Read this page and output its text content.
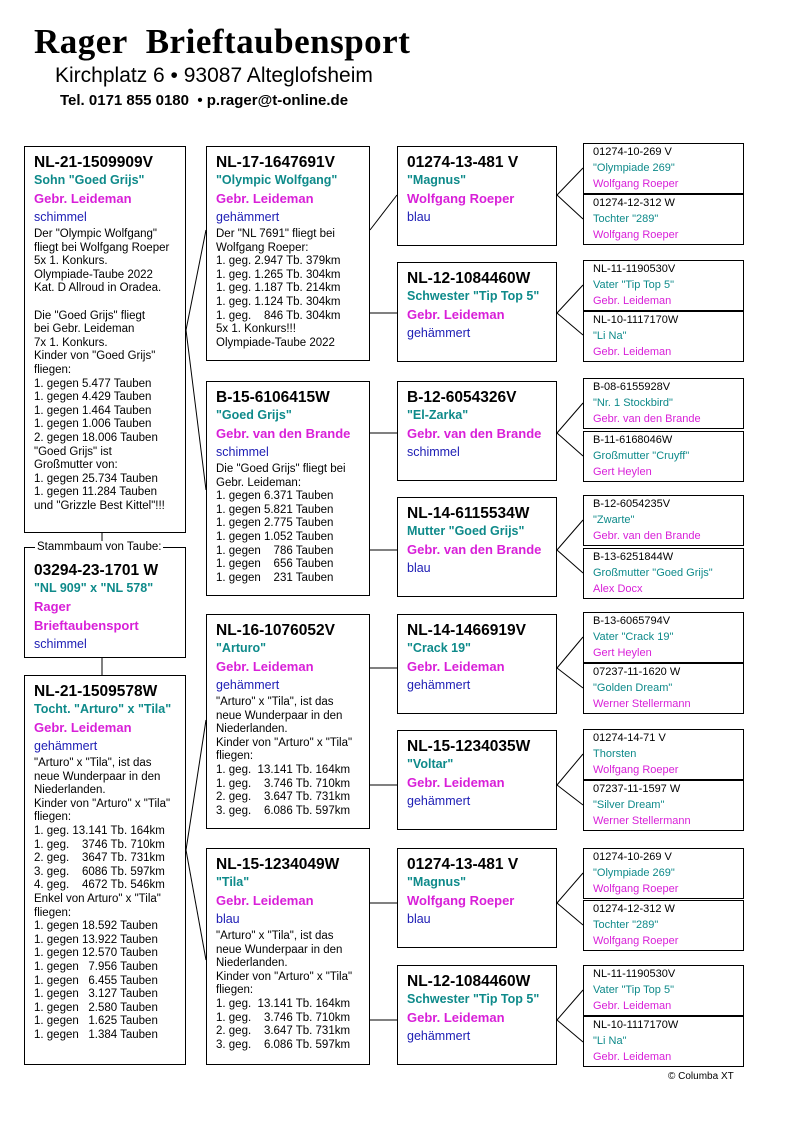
Rager  Brieftaubensport
Kirchplatz 6 • 93087 Alteglofsheim
Tel. 0171 855 0180  • p.rager@t-online.de
NL-21-1509909V
Sohn "Goed Grijs"
Gebr. Leideman
schimmel
Der "Olympic Wolfgang"
fliegt bei Wolfgang Roeper
5x 1. Konkurs.
Olympiade-Taube 2022
Kat. D Allroud in Oradea.

Die "Goed Grijs" fliegt
bei Gebr. Leideman
7x 1. Konkurs.
Kinder von "Goed Grijs"
fliegen:
1. gegen 5.477 Tauben
1. gegen 4.429 Tauben
1. gegen 1.464 Tauben
1. gegen 1.006 Tauben
2. gegen 18.006 Tauben
"Goed Grijs" ist
Großmutter von:
1. gegen 25.734 Tauben
1. gegen 11.284 Tauben
und "Grizzle Best Kittel"!!!
03294-23-1701 W
"NL 909" x "NL 578"
Rager Brieftaubensport
schimmel
Stammbaum von Taube:
NL-21-1509578W
Tocht. "Arturo" x "Tila"
Gebr. Leideman
gehämmert
"Arturo" x "Tila", ist das
neue Wunderpaar in den
Niederlanden.
Kinder von "Arturo" x "Tila"
fliegen:
1. geg. 13.141 Tb. 164km
1. geg.    3746 Tb. 710km
2. geg.    3647 Tb. 731km
3. geg.    6086 Tb. 597km
4. geg.    4672 Tb. 546km
Enkel von Arturo" x "Tila"
fliegen:
1. gegen 18.592 Tauben
1. gegen 13.922 Tauben
1. gegen 12.570 Tauben
1. gegen   7.956 Tauben
1. gegen   6.455 Tauben
1. gegen   3.127 Tauben
1. gegen   2.580 Tauben
1. gegen   1.625 Tauben
1. gegen   1.384 Tauben
NL-17-1647691V
"Olympic Wolfgang"
Gebr. Leideman
gehämmert
Der "NL 7691" fliegt bei
Wolfgang Roeper:
1. geg. 2.947 Tb. 379km
1. geg. 1.265 Tb. 304km
1. geg. 1.187 Tb. 214km
1. geg. 1.124 Tb. 304km
1. geg.    846 Tb. 304km
5x 1. Konkurs!!!
Olympiade-Taube 2022
B-15-6106415W
"Goed Grijs"
Gebr. van den Brande
schimmel
Die "Goed Grijs" fliegt bei
Gebr. Leideman:
1. gegen 6.371 Tauben
1. gegen 5.821 Tauben
1. gegen 2.775 Tauben
1. gegen 1.052 Tauben
1. gegen    786 Tauben
1. gegen    656 Tauben
1. gegen    231 Tauben
NL-16-1076052V
"Arturo"
Gebr. Leideman
gehämmert
"Arturo" x "Tila", ist das
neue Wunderpaar in den
Niederlanden.
Kinder von "Arturo" x "Tila"
fliegen:
1. geg.  13.141 Tb. 164km
1. geg.    3.746 Tb. 710km
2. geg.    3.647 Tb. 731km
3. geg.    6.086 Tb. 597km
NL-15-1234049W
"Tila"
Gebr. Leideman
blau
"Arturo" x "Tila", ist das
neue Wunderpaar in den
Niederlanden.
Kinder von "Arturo" x "Tila"
fliegen:
1. geg.  13.141 Tb. 164km
1. geg.    3.746 Tb. 710km
2. geg.    3.647 Tb. 731km
3. geg.    6.086 Tb. 597km
01274-13-481 V
"Magnus"
Wolfgang Roeper
blau
NL-12-1084460W
Schwester "Tip Top 5"
Gebr. Leideman
gehämmert
B-12-6054326V
"El-Zarka"
Gebr. van den Brande
schimmel
NL-14-6115534W
Mutter "Goed Grijs"
Gebr. van den Brande
blau
NL-14-1466919V
"Crack 19"
Gebr. Leideman
gehämmert
NL-15-1234035W
"Voltar"
Gebr. Leideman
gehämmert
01274-13-481 V
"Magnus"
Wolfgang Roeper
blau
NL-12-1084460W
Schwester "Tip Top 5"
Gebr. Leideman
gehämmert
01274-10-269 V
"Olympiade 269"
Wolfgang Roeper
01274-12-312 W
Tochter "289"
Wolfgang Roeper
NL-11-1190530V
Vater "Tip Top 5"
Gebr. Leideman
NL-10-1117170W
"Li Na"
Gebr. Leideman
B-08-6155928V
"Nr. 1 Stockbird"
Gebr. van den Brande
B-11-6168046W
Großmutter "Cruyff"
Gert Heylen
B-12-6054235V
"Zwarte"
Gebr. van den Brande
B-13-6251844W
Großmutter "Goed Grijs"
Alex Docx
B-13-6065794V
Vater "Crack 19"
Gert Heylen
07237-11-1620 W
"Golden Dream"
Werner Stellermann
01274-14-71 V
Thorsten
Wolfgang Roeper
07237-11-1597 W
"Silver Dream"
Werner Stellermann
01274-10-269 V
"Olympiade 269"
Wolfgang Roeper
01274-12-312 W
Tochter "289"
Wolfgang Roeper
NL-11-1190530V
Vater "Tip Top 5"
Gebr. Leideman
NL-10-1117170W
"Li Na"
Gebr. Leideman
© Columba XT
